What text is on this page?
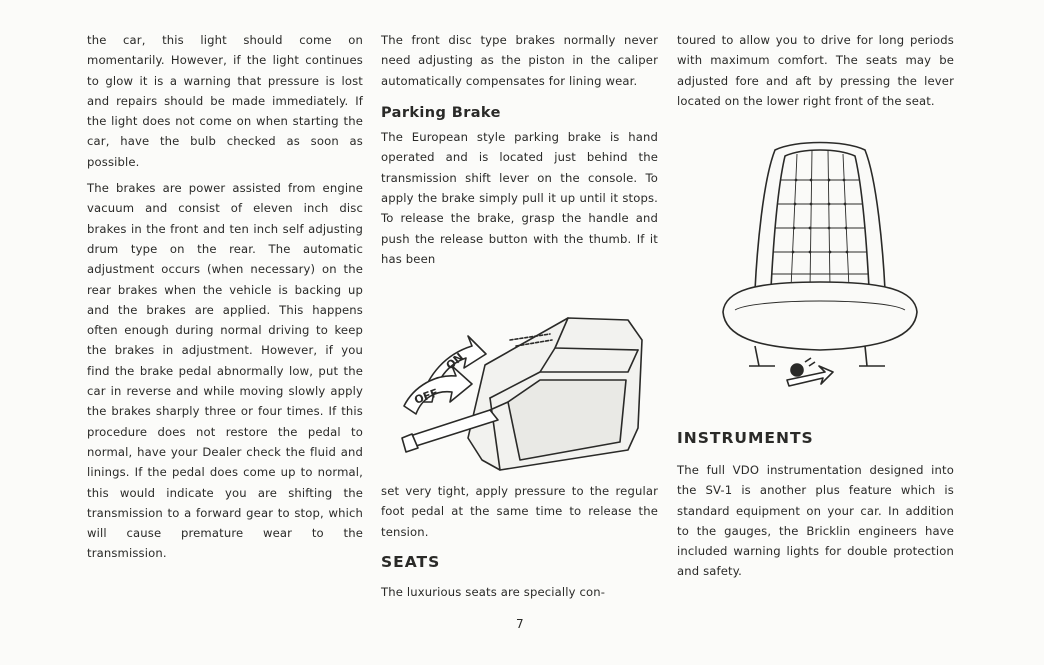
the car, this light should come on momentarily. However, if the light continues to glow it is a warning that pressure is lost and repairs should be made immediately. If the light does not come on when starting the car, have the bulb checked as soon as possible.

The brakes are power assisted from engine vacuum and consist of eleven inch disc brakes in the front and ten inch self adjusting drum type on the rear. The automatic adjustment occurs (when necessary) on the rear brakes when the vehicle is backing up and the brakes are applied. This happens often enough during normal driving to keep the brakes in adjustment. However, if you find the brake pedal abnormally low, put the car in reverse and while moving slowly apply the brakes sharply three or four times. If this procedure does not restore the pedal to normal, have your Dealer check the fluid and linings. If the pedal does come up to normal, this would indicate you are shifting the transmission to a forward gear to stop, which will cause premature wear to the transmission.

The front disc type brakes normally never need adjusting as the piston in the caliper automatically compensates for lining wear.

Parking Brake

The European style parking brake is hand operated and is located just behind the transmission shift lever on the console. To apply the brake simply pull it up until it stops. To release the brake, grasp the handle and push the release button with the thumb. If it has been

ON
OFF

set very tight, apply pressure to the regular foot pedal at the same time to release the tension.

SEATS

The luxurious seats are specially con-

toured to allow you to drive for long periods with maximum comfort. The seats may be adjusted fore and aft by pressing the lever located on the lower right front of the seat.

INSTRUMENTS

The full VDO instrumentation designed into the SV-1 is another plus feature which is standard equipment on your car. In addition to the gauges, the Bricklin engineers have included warning lights for double protection and safety.

7
